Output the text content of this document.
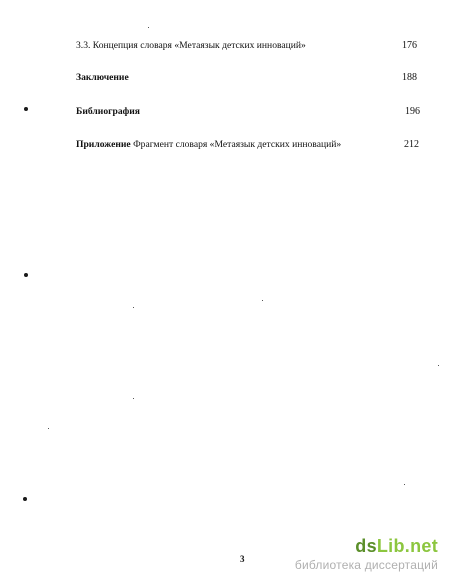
3.3. Концепция словаря «Метаязык детских инноваций»	176
Заключение	188
Библиография	196
Приложение Фрагмент словаря «Метаязык детских инноваций»	212
3
dsLib.net
библиотека диссертаций
